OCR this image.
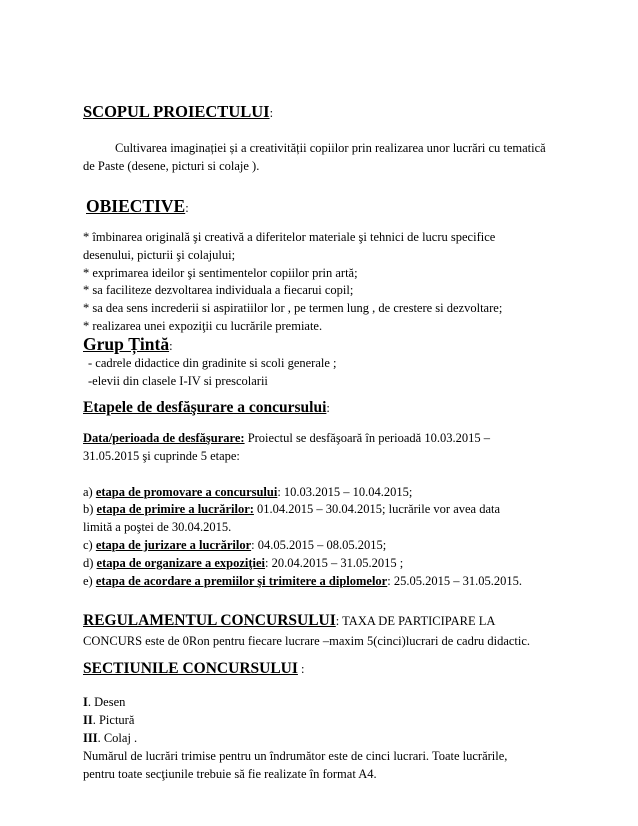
SCOPUL PROIECTULUI:
Cultivarea imaginației și a creativității copiilor prin realizarea unor lucrări cu tematică
de Paste (desene, picturi si colaje ).
OBIECTIVE:
* îmbinarea originală şi creativă a diferitelor materiale şi tehnici de lucru specifice
desenului, picturii şi colajului;
* exprimarea ideilor şi sentimentelor copiilor prin artă;
* sa faciliteze dezvoltarea individuala a fiecarui copil;
* sa dea sens increderii si aspiratiilor lor , pe termen lung , de crestere si dezvoltare;
* realizarea unei expoziţii cu lucrările premiate.
Grup Țintă:
- cadrele didactice din gradinite si scoli generale ;
-elevii din clasele I-IV si prescolarii
Etapele de desfăşurare a concursului:
Data/perioada de desfăşurare: Proiectul se desfăşoară în perioadă 10.03.2015 –
31.05.2015 şi cuprinde 5 etape:
a) etapa de promovare a concursului: 10.03.2015 – 10.04.2015;
b) etapa de primire a lucrărilor: 01.04.2015 – 30.04.2015; lucrările vor avea data
limită a poştei de 30.04.2015.
c) etapa de jurizare a lucrărilor: 04.05.2015 – 08.05.2015;
d) etapa de organizare a expoziţiei: 20.04.2015 – 31.05.2015 ;
e) etapa de acordare a premiilor şi trimitere a diplomelor: 25.05.2015 – 31.05.2015.
REGULAMENTUL CONCURSULUI: TAXA DE PARTICIPARE LA
CONCURS este de 0Ron pentru fiecare lucrare –maxim 5(cinci)lucrari de cadru didactic.
SECTIUNILE CONCURSULUI :
I. Desen
II. Pictură
III. Colaj .
Numărul de lucrări trimise pentru un îndrumător este de cinci lucrari. Toate lucrările,
pentru toate secţiunile trebuie să fie realizate în format A4.
